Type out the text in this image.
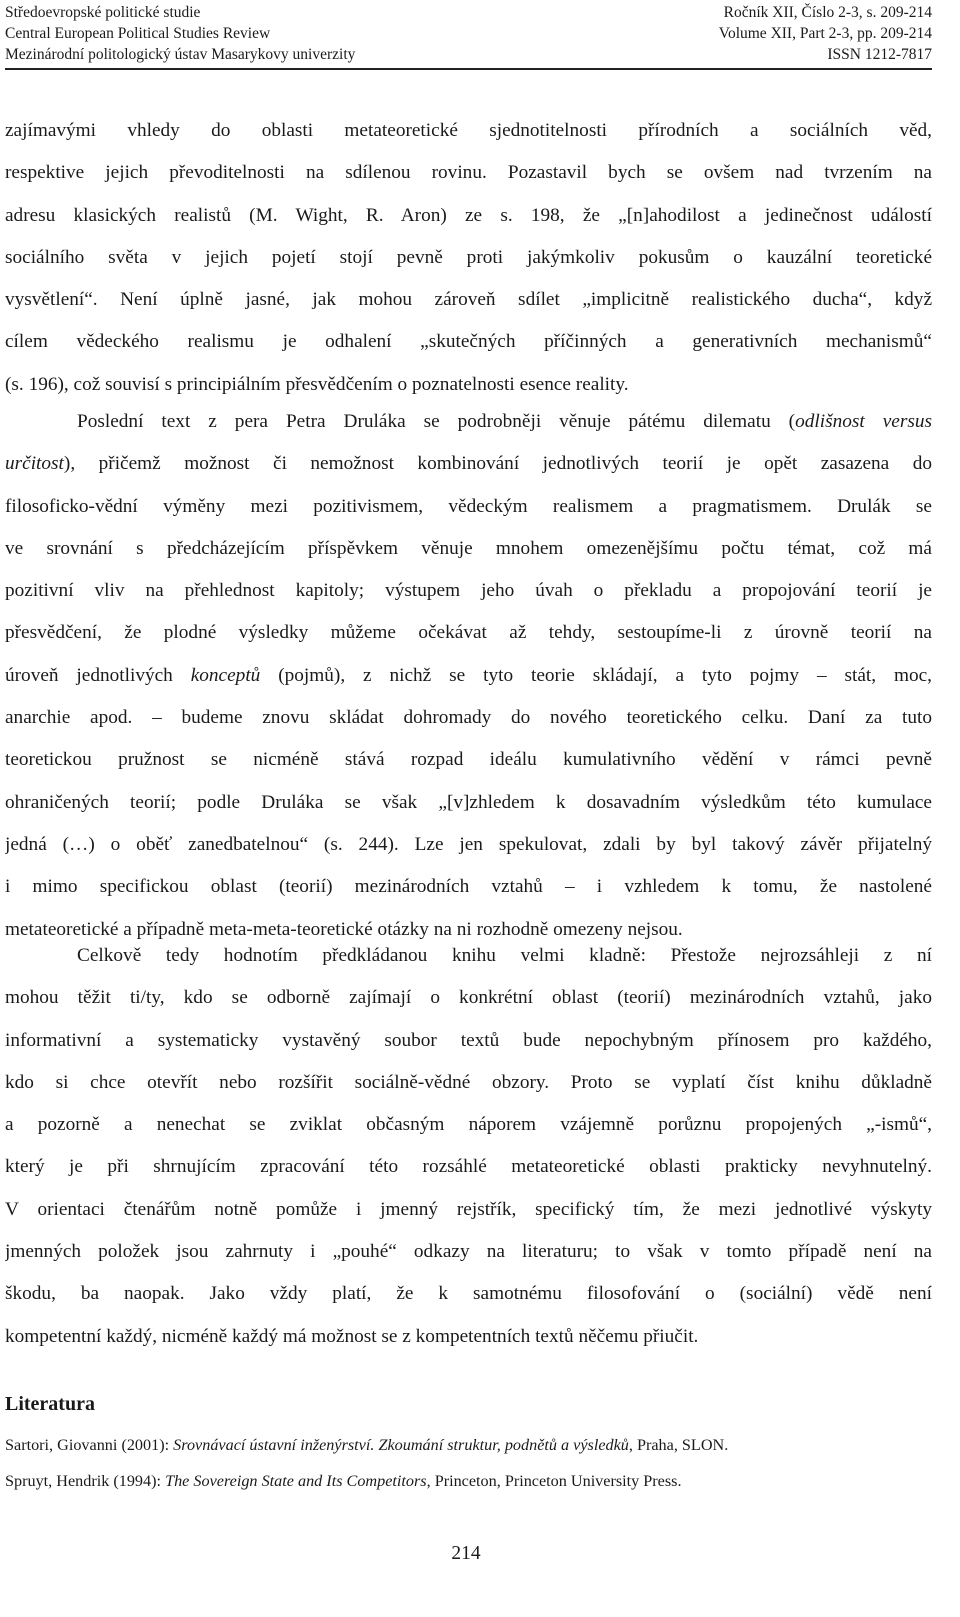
Středoevropské politické studie
Central European Political Studies Review
Mezinárodní politologický ústav Masarykovy univerzity
Ročník XII, Číslo 2-3, s. 209-214
Volume XII, Part 2-3, pp. 209-214
ISSN 1212-7817
zajímavými vhledy do oblasti metateoretické sjednotitelnosti přírodních a sociálních věd,
respektive jejich převoditelnosti na sdílenou rovinu. Pozastavil bych se ovšem nad tvrzením na
adresu klasických realistů (M. Wight, R. Aron) ze s. 198, že „[n]ahodilost a jedinečnost událostí
sociálního světa v jejich pojetí stojí pevně proti jakýmkoliv pokusům o kauzální teoretické
vysvětlení“. Není úplně jasné, jak mohou zároveň sdílet „implicitně realistického ducha“, když
cílem vědeckého realismu je odhalení „skutečných příčinných a generativních mechanismů“
(s. 196), což souvisí s principiálním přesvědčením o poznatelnosti esence reality.
Poslední text z pera Petra Druláka se podrobněji věnuje pátému dilematu (odlišnost versus
určitost), přičemž možnost či nemožnost kombinování jednotlivých teorií je opět zasazena do
filosoficko-vědní výměny mezi pozitivismem, vědeckým realismem a pragmatismem. Drulák se
ve srovnání s předcházejícím příspěvkem věnuje mnohem omezenějšímu počtu témat, což má
pozitivní vliv na přehlednost kapitoly; výstupem jeho úvah o překladu a propojování teorií je
přesvědčení, že plodné výsledky můžeme očekávat až tehdy, sestoupíme-li z úrovně teorií na
úroveň jednotlivých konceptů (pojmů), z nichž se tyto teorie skládají, a tyto pojmy – stát, moc,
anarchie apod. – budeme znovu skládat dohromady do nového teoretického celku. Daní za tuto
teoretickou pružnost se nicméně stává rozpad ideálu kumulativního vědění v rámci pevně
ohraničených teorií; podle Druláka se však „[v]zhledem k dosavadním výsledkům této kumulace
jedná (…) o oběť zanedbatelnou“ (s. 244). Lze jen spekulovat, zdali by byl takový závěr přijatelný
i mimo specifickou oblast (teorií) mezinárodních vztahů – i vzhledem k tomu, že nastolené
metateoretické a případně meta-meta-teoretické otázky na ni rozhodně omezeny nejsou.
Celkově tedy hodnotím předkládanou knihu velmi kladně: Přestože nejrozsáhleji z ní
mohou těžit ti/ty, kdo se odborně zajímají o konkrétní oblast (teorií) mezinárodních vztahů, jako
informativní a systematicky vystavěný soubor textů bude nepochybným přínosem pro každého,
kdo si chce otevřít nebo rozšířit sociálně-vědné obzory. Proto se vyplatí číst knihu důkladně
a pozorně a nenechat se zviklat občasným náporem vzájemně porůznu propojených „-ismů“,
který je při shrnujícím zpracování této rozsáhlé metateoretické oblasti prakticky nevyhnutelný.
V orientaci čtenářům notně pomůže i jmenný rejstřík, specifický tím, že mezi jednotlivé výskyty
jmenných položek jsou zahrnuty i „pouhé“ odkazy na literaturu; to však v tomto případě není na
škodu, ba naopak. Jako vždy platí, že k samotnému filosofování o (sociální) vědě není
kompetentní každý, nicméně každý má možnost se z kompetentních textů něčemu přiučit.
Literatura
Sartori, Giovanni (2001): Srovnávací ústavní inženýrství. Zkoumání struktur, podnětů a výsledků, Praha, SLON.
Spruyt, Hendrik (1994): The Sovereign State and Its Competitors, Princeton, Princeton University Press.
214
